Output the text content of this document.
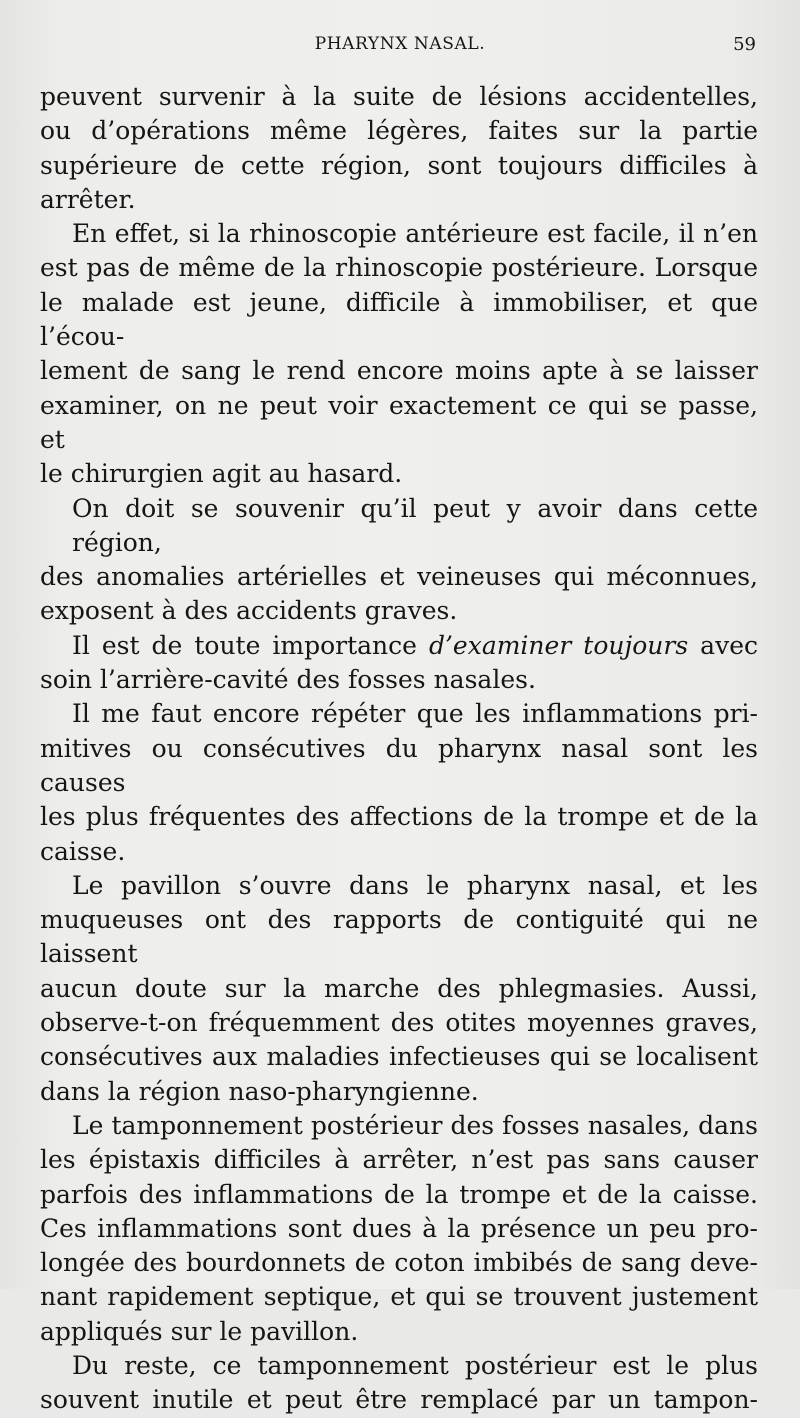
PHARYNX NASAL.	59

peuvent survenir à la suite de lésions accidentelles,
ou d’opérations même légères, faites sur la partie
supérieure de cette région, sont toujours difficiles à

arrêter.

En effet, si la rhinoscopie antérieure est facile, il n’en
est pas de même de la rhinoscopie postérieure. Lorsque
le malade est jeune, difficile à immobiliser, et que l’écou-
lement de sang le rend encore moins apte à se laisser
examiner, on ne peut voir exactement ce qui se passe, et

le chirurgien agit au hasard.

On doit se souvenir qu’il peut y avoir dans cette région,
des anomalies artérielles et veineuses qui méconnues,

exposent à des accidents graves.

Il est de toute importance d’examiner toujours avec

soin l’arrière-cavité des fosses nasales.

Il me faut encore répéter que les inflammations pri-
mitives ou consécutives du pharynx nasal sont les causes
les plus fréquentes des affections de la trompe et de la

caisse.

Le pavillon s’ouvre dans le pharynx nasal, et les
muqueuses ont des rapports de contiguité qui ne laissent
aucun doute sur la marche des phlegmasies. Aussi,
observe-t-on fréquemment des otites moyennes graves,
consécutives aux maladies infectieuses qui se localisent

dans la région naso-pharyngienne.

Le tamponnement postérieur des fosses nasales, dans
les épistaxis difficiles à arrêter, n’est pas sans causer
parfois des inflammations de la trompe et de la caisse.
Ces inflammations sont dues à la présence un peu pro-
longée des bourdonnets de coton imbibés de sang deve-
nant rapidement septique, et qui se trouvent justement

appliqués sur le pavillon.

Du reste, ce tamponnement postérieur est le plus
souvent inutile et peut être remplacé par un tampon-
